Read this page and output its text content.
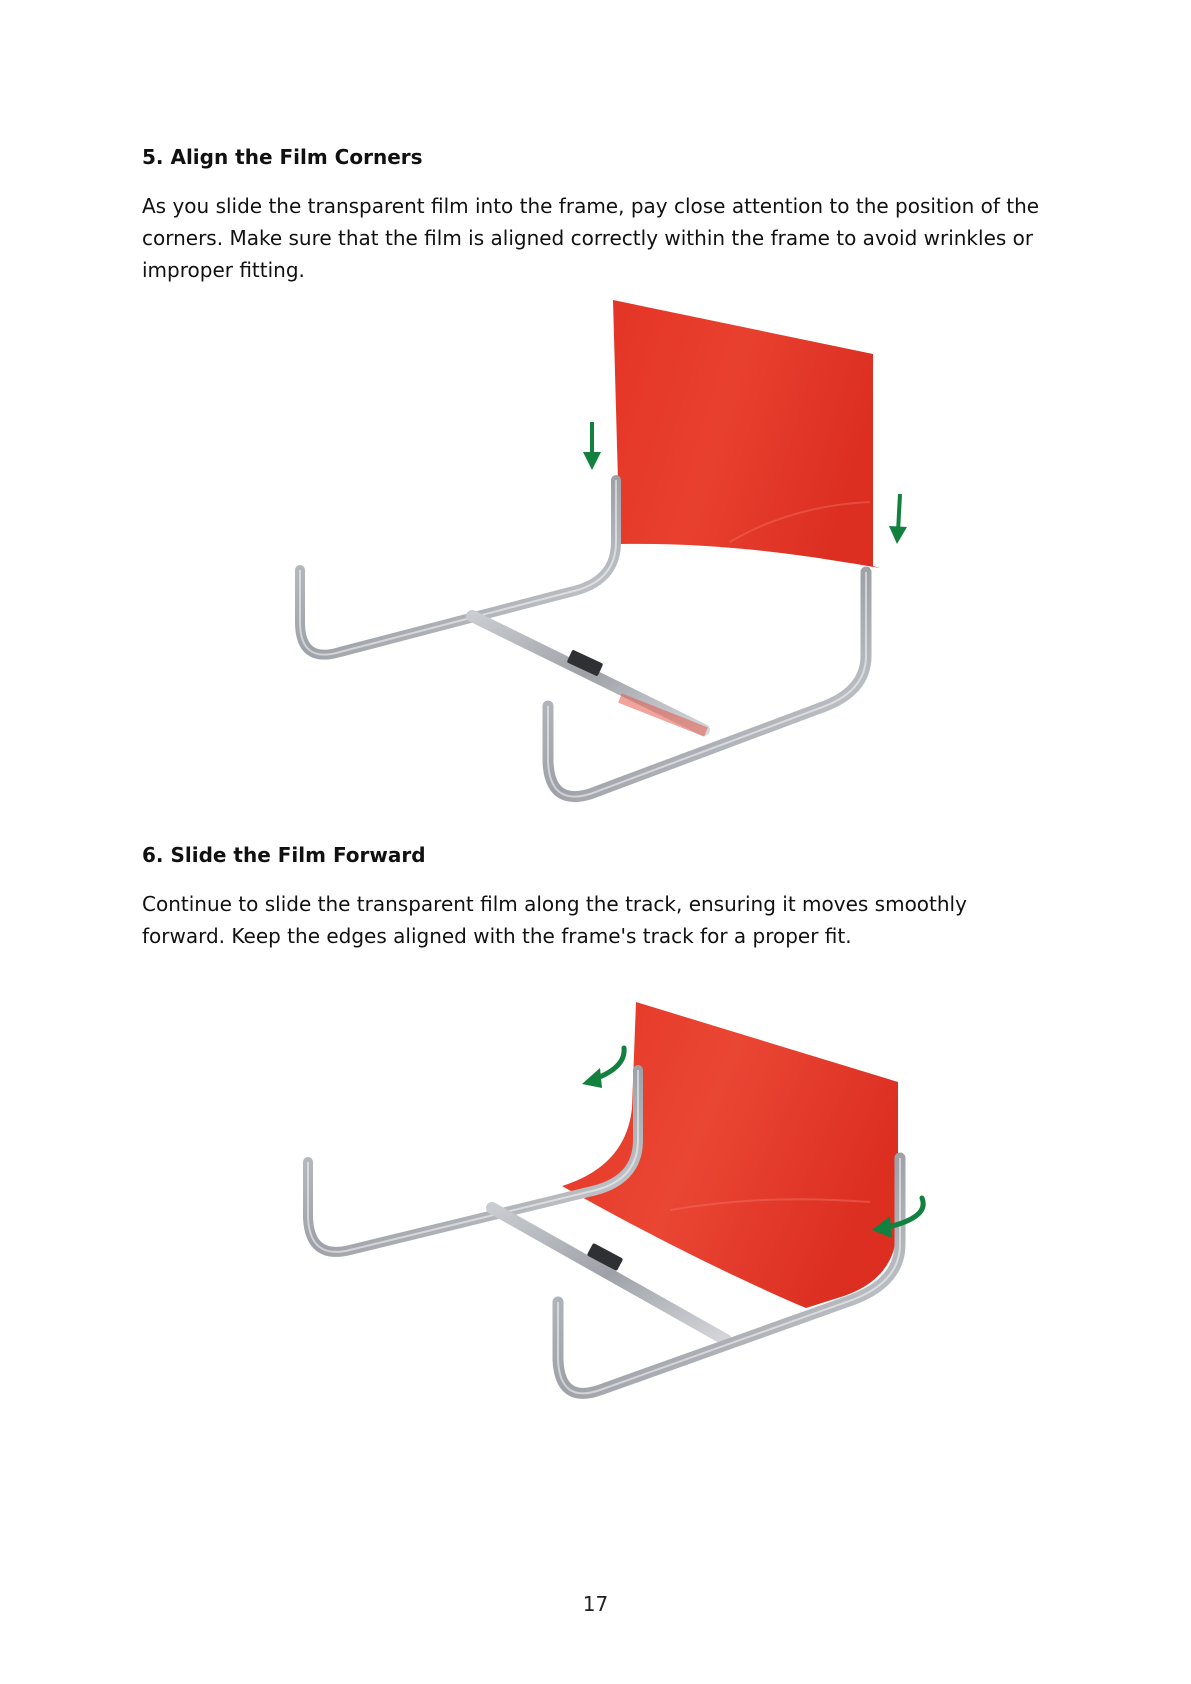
5. Align the Film Corners

As you slide the transparent film into the frame, pay close attention to the position of the corners. Make sure that the film is aligned correctly within the frame to avoid wrinkles or improper fitting.

6. Slide the Film Forward

Continue to slide the transparent film along the track, ensuring it moves smoothly forward. Keep the edges aligned with the frame's track for a proper fit.

17
